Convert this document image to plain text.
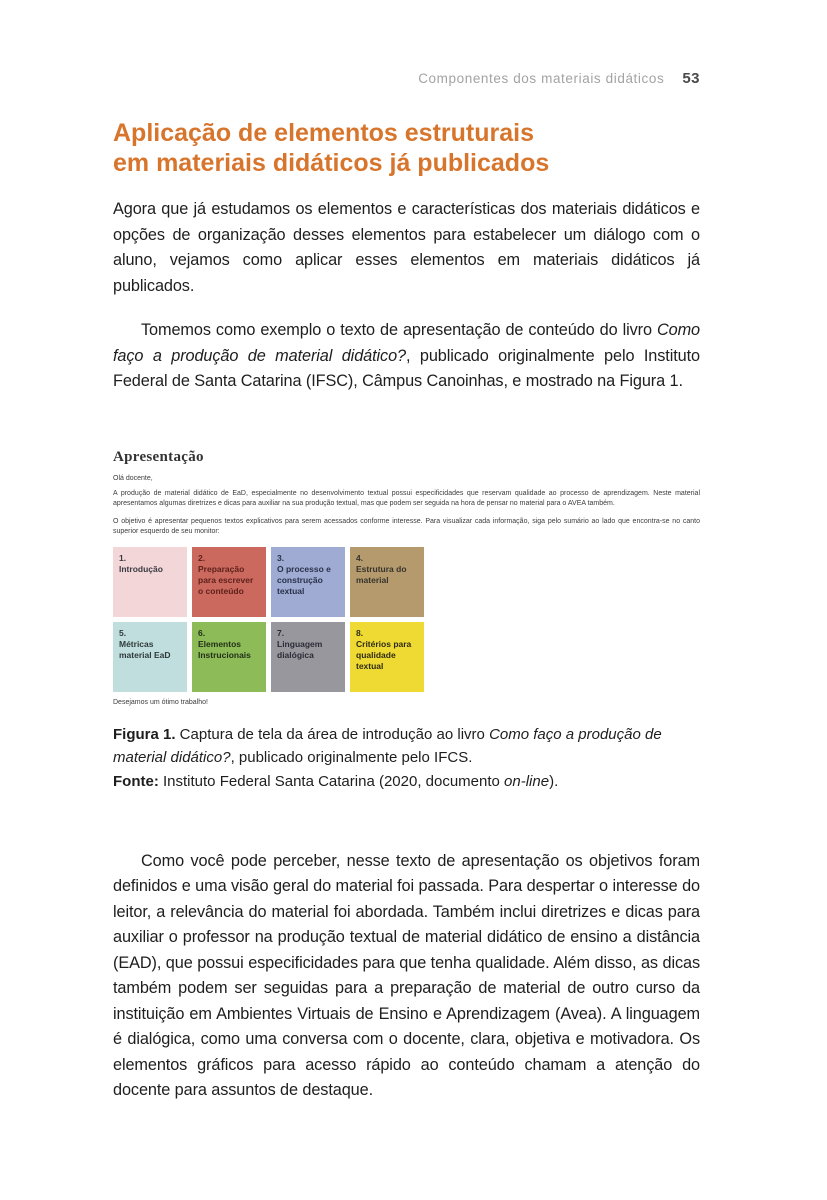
Componentes dos materiais didáticos 53
Aplicação de elementos estruturais
em materiais didáticos já publicados

Agora que já estudamos os elementos e características dos materiais didáticos e opções de organização desses elementos para estabelecer um diálogo com o aluno, vejamos como aplicar esses elementos em materiais didáticos já publicados.

Tomemos como exemplo o texto de apresentação de conteúdo do livro Como faço a produção de material didático?, publicado originalmente pelo Instituto Federal de Santa Catarina (IFSC), Câmpus Canoinhas, e mostrado na Figura 1.

Apresentação
Olá docente,

A produção de material didático de EaD, especialmente no desenvolvimento textual possui especificidades que reservam qualidade ao processo de aprendizagem. Neste material apresentamos algumas diretrizes e dicas para auxiliar na sua produção textual, mas que podem ser seguida na hora de pensar no material para o AVEA também.

O objetivo é apresentar pequenos textos explicativos para serem acessados conforme interesse. Para visualizar cada informação, siga pelo sumário ao lado que encontra-se no canto superior esquerdo de seu monitor:

1.
Introdução
2.
Preparação para escrever o conteúdo
3.
O processo e construção textual
4.
Estrutura do material
5.
Métricas material EaD
6.
Elementos Instrucionais
7.
Linguagem dialógica
8.
Critérios para qualidade textual
Desejamos um ótimo trabalho!
Figura 1. Captura de tela da área de introdução ao livro Como faço a produção de material didático?, publicado originalmente pelo IFCS.
Fonte: Instituto Federal Santa Catarina (2020, documento on-line).

Como você pode perceber, nesse texto de apresentação os objetivos foram definidos e uma visão geral do material foi passada. Para despertar o interesse do leitor, a relevância do material foi abordada. Também inclui diretrizes e dicas para auxiliar o professor na produção textual de material didático de ensino a distância (EAD), que possui especificidades para que tenha qualidade. Além disso, as dicas também podem ser seguidas para a preparação de material de outro curso da instituição em Ambientes Virtuais de Ensino e Aprendizagem (Avea). A linguagem é dialógica, como uma conversa com o docente, clara, objetiva e motivadora. Os elementos gráficos para acesso rápido ao conteúdo chamam a atenção do docente para assuntos de destaque.
